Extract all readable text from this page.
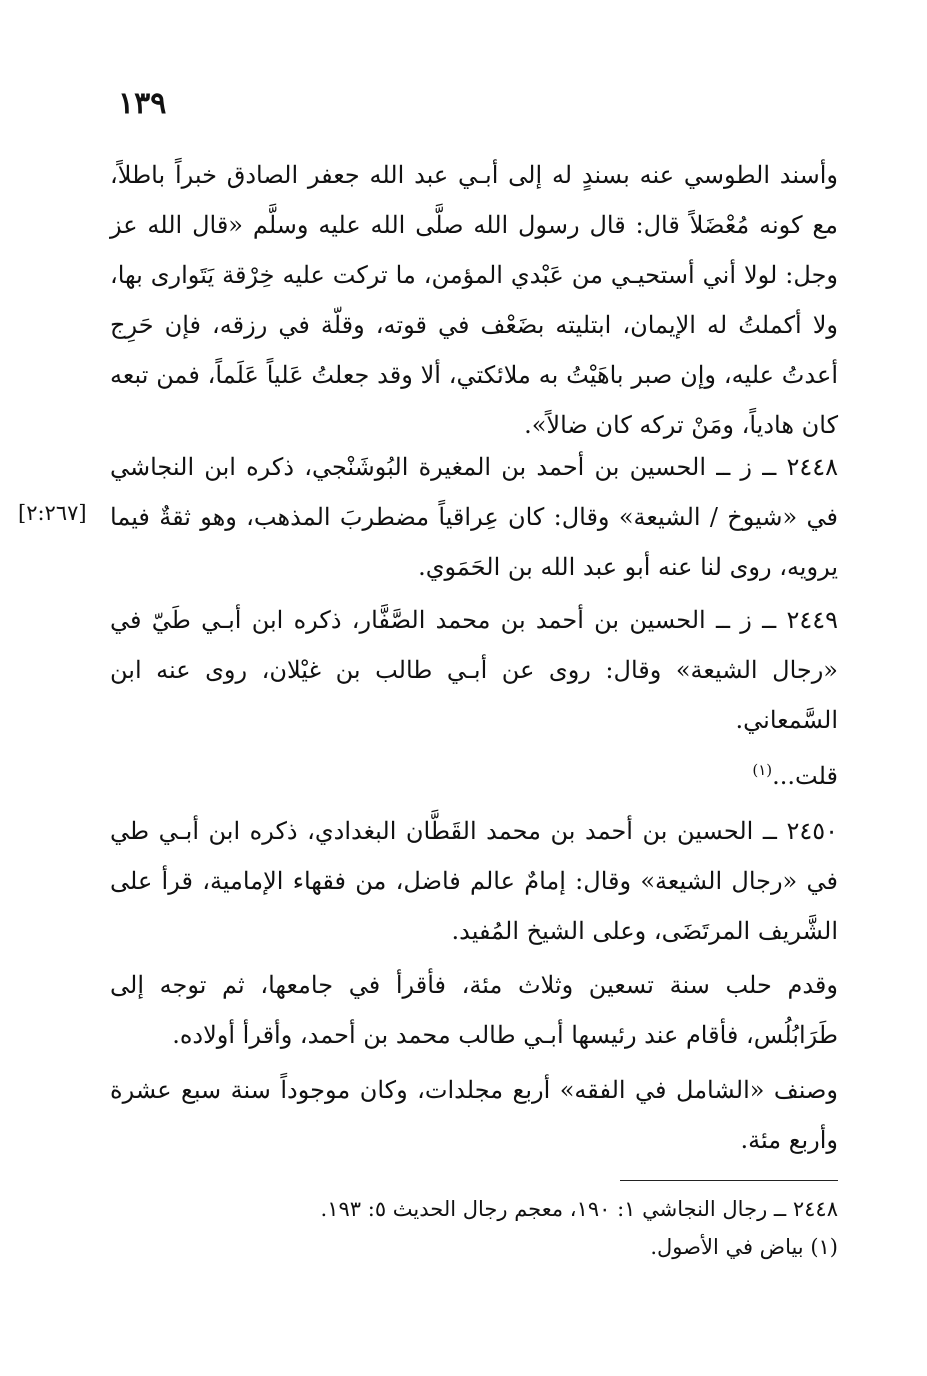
١٣٩
[٢:٢٦٧]

وأسند الطوسي عنه بسندٍ له إلى أبـي عبد الله جعفر الصادق خبراً باطلاً، مع كونه مُعْضَلاً قال: قال رسول الله صلَّى الله عليه وسلَّم «قال الله عز وجل: لولا أني أستحيـي من عَبْدي المؤمن، ما تركت عليه خِرْقة يَتَوارى بها، ولا أكملتُ له الإيمان، ابتليته بضَعْف في قوته، وقلّة في رزقه، فإن حَرِج أعدتُ عليه، وإن صبر باهَيْتُ به ملائكتي، ألا وقد جعلتُ عَلياً عَلَماً، فمن تبعه كان هادياً، ومَنْ تركه كان ضالاً».

٢٤٤٨ ــ ز ــ الحسين بن أحمد بن المغيرة البُوشَنْجي، ذكره ابن النجاشي في «شيوخ / الشيعة» وقال: كان عِراقياً مضطربَ المذهب، وهو ثقةٌ فيما يرويه، روى لنا عنه أبو عبد الله بن الحَمَوي.

٢٤٤٩ ــ ز ــ الحسين بن أحمد بن محمد الصَّفَّار، ذكره ابن أبـي طَيّ في «رجال الشيعة» وقال: روى عن أبـي طالب بن غيْلان، روى عنه ابن السَّمعاني.

قلت...$^{(١)}$

٢٤٥٠ ــ الحسين بن أحمد بن محمد القَطَّان البغدادي، ذكره ابن أبـي طي في «رجال الشيعة» وقال: إمامٌ عالم فاضل، من فقهاء الإمامية، قرأ على الشَّريف المرتَضَى، وعلى الشيخ المُفيد.

وقدم حلب سنة تسعين وثلاث مئة، فأقرأ في جامعها، ثم توجه إلى طَرَابُلُس، فأقام عند رئيسها أبـي طالب محمد بن أحمد، وأقرأ أولاده.

وصنف «الشامل في الفقه» أربع مجلدات، وكان موجوداً سنة سبع عشرة وأربع مئة.

٢٤٤٨ ــ رجال النجاشي ١: ١٩٠، معجم رجال الحديث ٥: ١٩٣.

(١) بياض في الأصول.
